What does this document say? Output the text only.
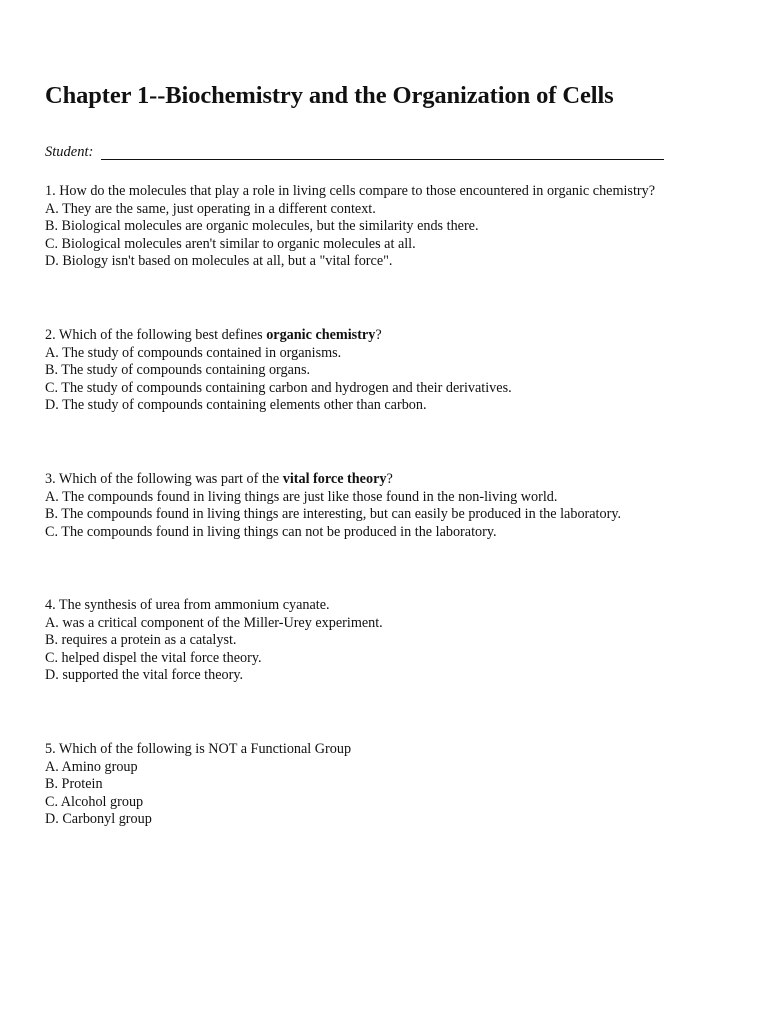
Chapter 1--Biochemistry and the Organization of Cells
Student:
1. How do the molecules that play a role in living cells compare to those encountered in organic chemistry?
A. They are the same, just operating in a different context.
B. Biological molecules are organic molecules, but the similarity ends there.
C. Biological molecules aren't similar to organic molecules at all.
D. Biology isn't based on molecules at all, but a "vital force".
2. Which of the following best defines organic chemistry?
A. The study of compounds contained in organisms.
B. The study of compounds containing organs.
C. The study of compounds containing carbon and hydrogen and their derivatives.
D. The study of compounds containing elements other than carbon.
3. Which of the following was part of the vital force theory?
A. The compounds found in living things are just like those found in the non-living world.
B. The compounds found in living things are interesting, but can easily be produced in the laboratory.
C. The compounds found in living things can not be produced in the laboratory.
4. The synthesis of urea from ammonium cyanate.
A. was a critical component of the Miller-Urey experiment.
B. requires a protein as a catalyst.
C. helped dispel the vital force theory.
D. supported the vital force theory.
5. Which of the following is NOT a Functional Group
A. Amino group
B. Protein
C. Alcohol group
D. Carbonyl group
